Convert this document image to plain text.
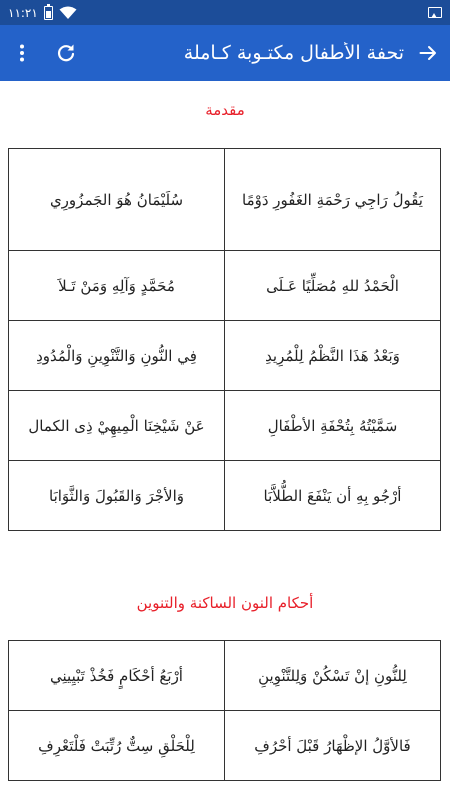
١١:٢١
تحفة الأطفال مكتـوبة كـاملة
مقدمة
يَقُولُ رَاجِي رَحْمَةِ الغَفُورِ دَوْمًا	سُلَيْمَانُ هُوَ الجَمزُورِي
الْحَمْدُ للهِ مُصَلِّيًا عَـلَى	مُحَمَّدٍ وَآلِهِ وَمَنْ تَـلاَ
وَبَعْدُ هَذَا النَّظْمُ لِلْمُرِيدِ	فِي النُّونِ وَالتَّنْوِينِ وَالْمُدُودِ
سَمَّيْتُهُ بِتُحْفَةِ الأطْفَالِ	عَنْ شَيْخِنَا الْمِيهِيْ ذِى الكمال
أرْجُو بِهِ أن يَنْفَعَ الطُّلاَّبَا	وَالأجْرَ وَالقَبُولَ وَالثَّوَابَا
أحكام النون الساكنة والتنوين
لِلنُّونِ إنْ تَسْكُنْ وَلِلتَّنْوِينِ	أرْبَعُ أحْكَامٍ فَخُذْ تَبْيِينِي
فَالأوَّلُ الإظْهَارُ قَبْلَ أحْرُفِ	لِلْحَلْقِ سِتٌّ رُتِّبَتْ فَلْتَعْرِفِ
